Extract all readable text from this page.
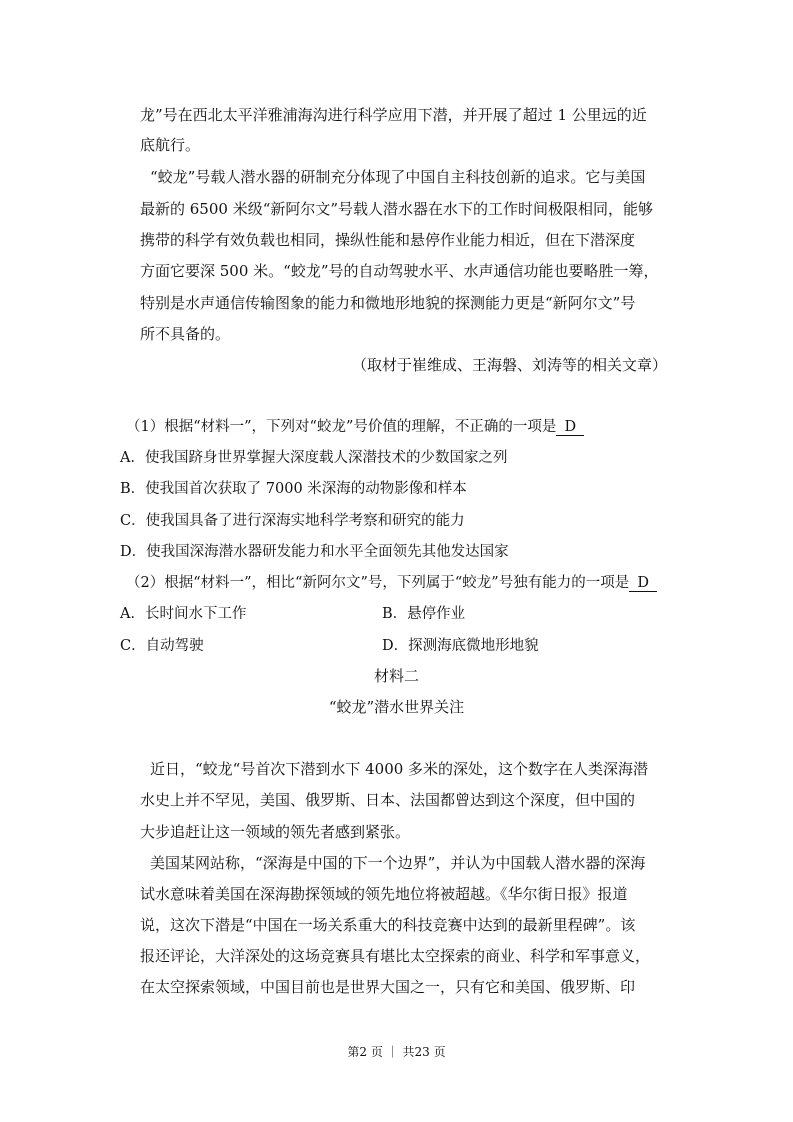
龙”号在西北太平洋雅浦海沟进行科学应用下潜，并开展了超过 1 公里远的近
底航行。
“蛟龙”号载人潜水器的研制充分体现了中国自主科技创新的追求。它与美国
最新的 6500 米级“新阿尔文”号载人潜水器在水下的工作时间极限相同，能够
携带的科学有效负载也相同，操纵性能和悬停作业能力相近，但在下潜深度
方面它要深 500 米。“蛟龙”号的自动驾驶水平、水声通信功能也要略胜一筹，
特别是水声通信传输图象的能力和微地形地貌的探测能力更是“新阿尔文”号
所不具备的。
（取材于崔维成、王海磐、刘涛等的相关文章）
（1）根据“材料一”，下列对“蛟龙”号价值的理解，不正确的一项是 D
A．使我国跻身世界掌握大深度载人深潜技术的少数国家之列
B．使我国首次获取了 7000 米深海的动物影像和样本
C．使我国具备了进行深海实地科学考察和研究的能力
D．使我国深海潜水器研发能力和水平全面领先其他发达国家
（2）根据“材料一”，相比“新阿尔文”号，下列属于“蛟龙”号独有能力的一项是 D
A．长时间水下工作	B．悬停作业
C．自动驾驶	D．探测海底微地形地貌
材料二
“蛟龙”潜水世界关注
近日，“蛟龙“号首次下潜到水下 4000 多米的深处，这个数字在人类深海潜
水史上并不罕见，美国、俄罗斯、日本、法国都曾达到这个深度，但中国的
大步追赶让这一领域的领先者感到紧张。
美国某网站称，“深海是中国的下一个边界”，并认为中国载人潜水器的深海
试水意味着美国在深海勘探领域的领先地位将被超越。《华尔街日报》报道
说，这次下潜是“中国在一场关系重大的科技竞赛中达到的最新里程碑”。该
报还评论，大洋深处的这场竞赛具有堪比太空探索的商业、科学和军事意义，
在太空探索领域，中国目前也是世界大国之一，只有它和美国、俄罗斯、印
第2 页 ｜ 共23 页
